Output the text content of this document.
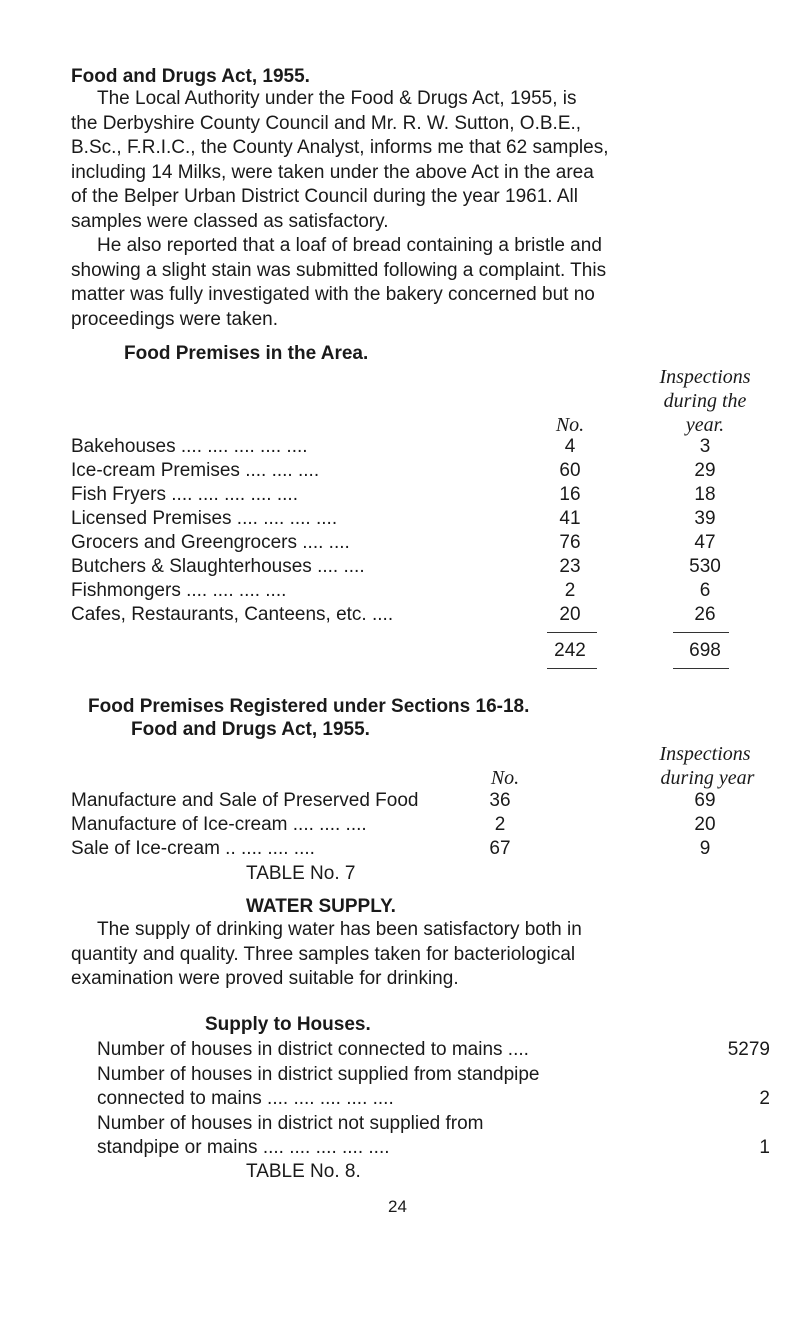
Food and Drugs Act, 1955.
The Local Authority under the Food & Drugs Act, 1955, is
the Derbyshire County Council and Mr. R. W. Sutton, O.B.E.,
B.Sc., F.R.I.C., the County Analyst, informs me that 62 samples,
including 14 Milks, were taken under the above Act in the area
of the Belper Urban District Council during the year 1961. All
samples were classed as satisfactory.
He also reported that a loaf of bread containing a bristle and
showing a slight stain was submitted following a complaint. This
matter was fully investigated with the bakery concerned but no
proceedings were taken.
Food Premises in the Area.
Inspections
during the
No.	year.
Bakehouses .... .... .... .... ....	4	3
Ice-cream Premises .... .... ....	60	29
Fish Fryers .... .... .... .... ....	16	18
Licensed Premises .... .... .... ....	41	39
Grocers and Greengrocers .... ....	76	47
Butchers & Slaughterhouses .... ....	23	530
Fishmongers .... .... .... ....	2	6
Cafes, Restaurants, Canteens, etc. ....	20	26
242	698
Food Premises Registered under Sections 16-18.
Food and Drugs Act, 1955.
Inspections
No.	during year
Manufacture and Sale of Preserved Food	36	69
Manufacture of Ice-cream .... .... ....	2	20
Sale of Ice-cream .. .... .... ....	67	9
TABLE No. 7
WATER SUPPLY.
The supply of drinking water has been satisfactory both in
quantity and quality. Three samples taken for bacteriological
examination were proved suitable for drinking.
Supply to Houses.
Number of houses in district connected to mains ....	5279
Number of houses in district supplied from standpipe
connected to mains .... .... .... .... ....	2
Number of houses in district not supplied from
standpipe or mains .... .... .... .... ....	1
TABLE No. 8.
24
